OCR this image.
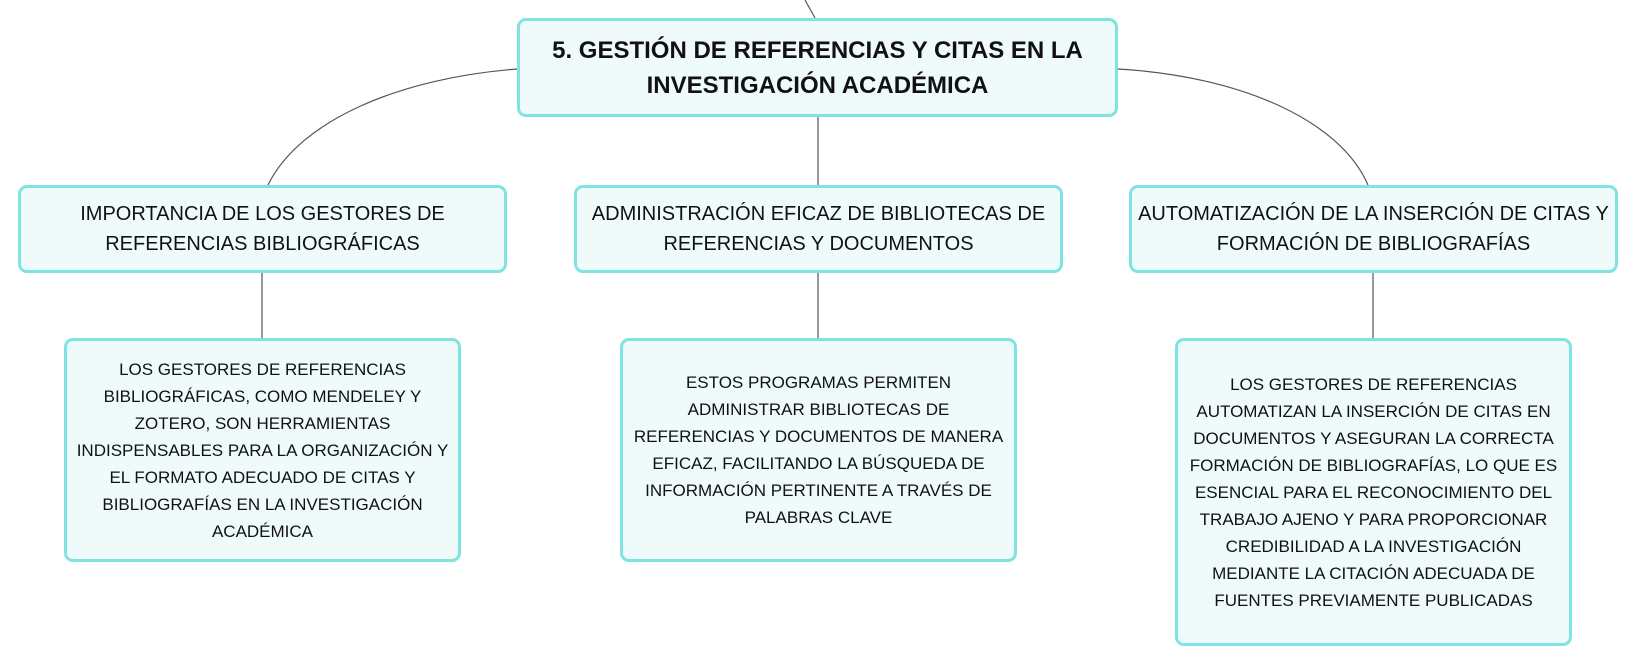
5. GESTIÓN DE REFERENCIAS Y CITAS EN LA INVESTIGACIÓN ACADÉMICA
IMPORTANCIA DE LOS GESTORES DE REFERENCIAS BIBLIOGRÁFICAS
ADMINISTRACIÓN EFICAZ DE BIBLIOTECAS DE REFERENCIAS Y DOCUMENTOS
AUTOMATIZACIÓN DE LA INSERCIÓN DE CITAS Y FORMACIÓN DE BIBLIOGRAFÍAS
LOS GESTORES DE REFERENCIAS BIBLIOGRÁFICAS, COMO MENDELEY Y ZOTERO, SON HERRAMIENTAS INDISPENSABLES PARA LA ORGANIZACIÓN Y EL FORMATO ADECUADO DE CITAS Y BIBLIOGRAFÍAS EN LA INVESTIGACIÓN ACADÉMICA
ESTOS PROGRAMAS PERMITEN ADMINISTRAR BIBLIOTECAS DE REFERENCIAS Y DOCUMENTOS DE MANERA EFICAZ, FACILITANDO LA BÚSQUEDA DE INFORMACIÓN PERTINENTE A TRAVÉS DE PALABRAS CLAVE
LOS GESTORES DE REFERENCIAS AUTOMATIZAN LA INSERCIÓN DE CITAS EN DOCUMENTOS Y ASEGURAN LA CORRECTA FORMACIÓN DE BIBLIOGRAFÍAS, LO QUE ES ESENCIAL PARA EL RECONOCIMIENTO DEL TRABAJO AJENO Y PARA PROPORCIONAR CREDIBILIDAD A LA INVESTIGACIÓN MEDIANTE LA CITACIÓN ADECUADA DE FUENTES PREVIAMENTE PUBLICADAS
